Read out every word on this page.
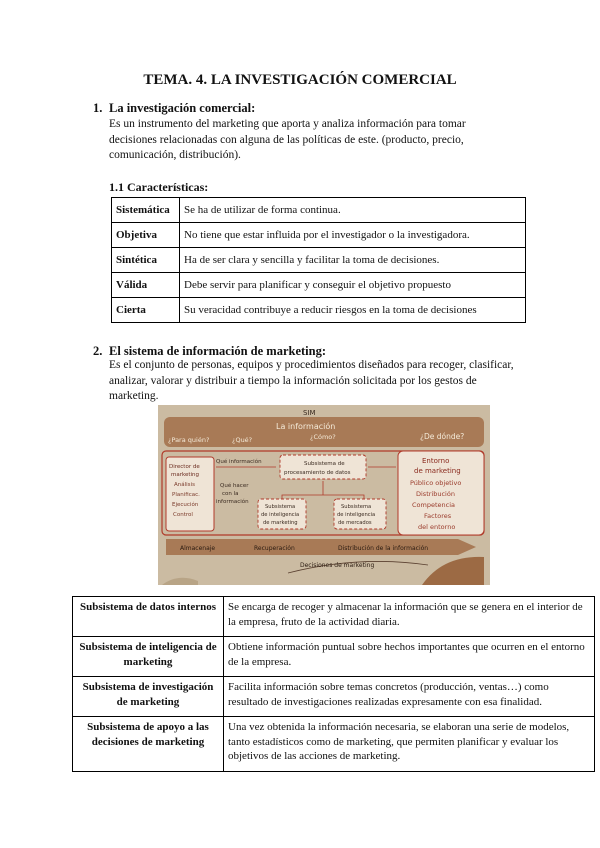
TEMA. 4. LA INVESTIGACIÓN COMERCIAL
1. La investigación comercial:
Es un instrumento del marketing que aporta y analiza información para tomar decisiones relacionadas con alguna de las políticas de este. (producto, precio, comunicación, distribución).
1.1 Características:
Sistemática	Se ha de utilizar de forma continua.
Objetiva	No tiene que estar influida por el investigador o la investigadora.
Sintética	Ha de ser clara y sencilla y facilitar la toma de decisiones.
Válida	Debe servir para planificar y conseguir el objetivo propuesto
Cierta	Su veracidad contribuye a reducir riesgos en la toma de decisiones
2. El sistema de información de marketing:
Es el conjunto de personas, equipos y procedimientos diseñados para recoger, clasificar, analizar, valorar y distribuir a tiempo la información solicitada por los gestos de marketing.
SIM
La información
¿Para quién?	¿Qué?	¿Cómo?	¿De dónde?
Director de
marketing
Análisis
Planificac.
Ejecución
Control
Qué información
Qué hacer
con la
información
Subsistema de
procesamiento de datos
Subsistema
de inteligencia
de marketing
Subsistema
de inteligencia
de mercados
Entorno
de marketing
Público objetivo
Distribución
Competencia
Factores
del entorno
Almacenaje	Recuperación	Distribución de la información
Decisiones de marketing
Subsistema de datos internos	Se encarga de recoger y almacenar la información que se genera en el interior de la empresa, fruto de la actividad diaria.
Subsistema de inteligencia de marketing	Obtiene información puntual sobre hechos importantes que ocurren en el entorno de la empresa.
Subsistema de investigación de marketing	Facilita información sobre temas concretos (producción, ventas…) como resultado de investigaciones realizadas expresamente con esa finalidad.
Subsistema de apoyo a las decisiones de marketing	Una vez obtenida la información necesaria, se elaboran una serie de modelos, tanto estadísticos como de marketing, que permiten planificar y evaluar los objetivos de las acciones de marketing.
